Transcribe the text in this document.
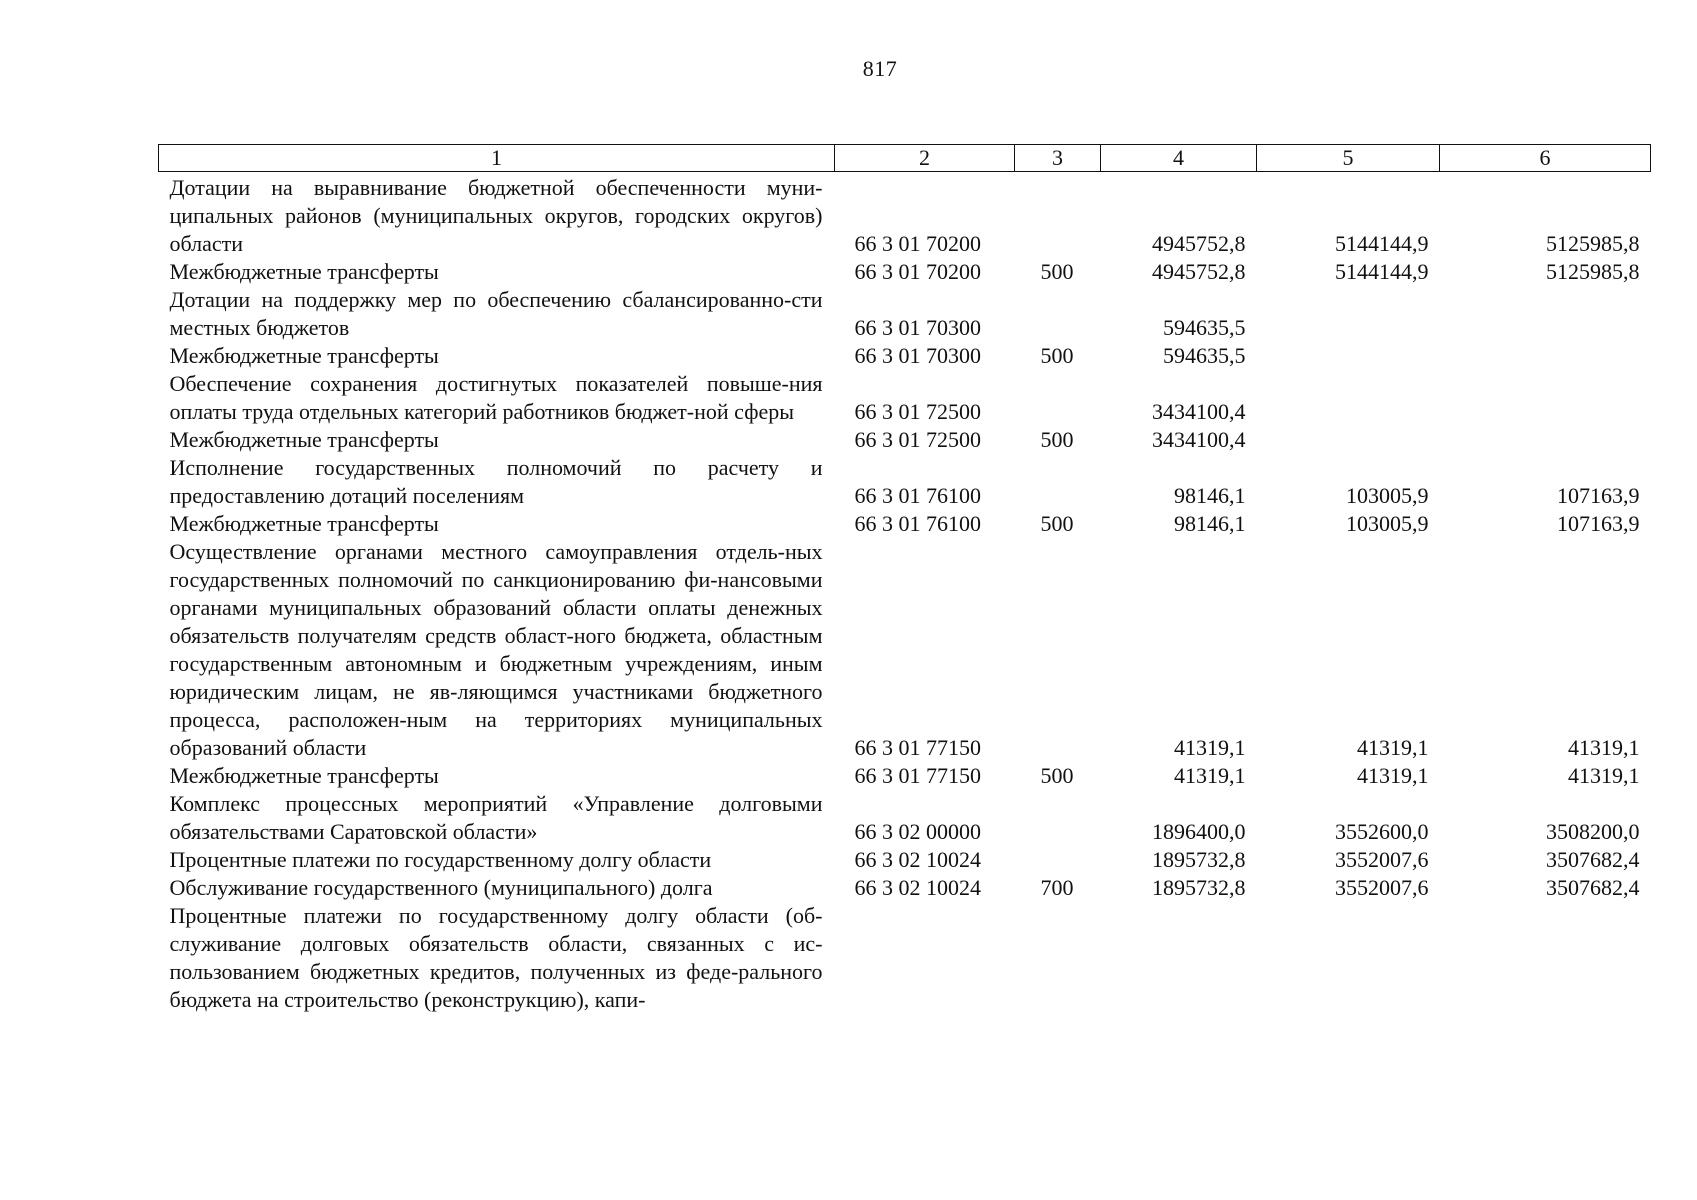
817
1	2	3	4	5	6
Дотации на выравнивание бюджетной обеспеченности муни-ципальных районов (муниципальных округов, городских округов) области	66 3 01 70200		4945752,8	5144144,9	5125985,8
Межбюджетные трансферты	66 3 01 70200	500	4945752,8	5144144,9	5125985,8
Дотации на поддержку мер по обеспечению сбалансированно-сти местных бюджетов	66 3 01 70300		594635,5		
Межбюджетные трансферты	66 3 01 70300	500	594635,5		
Обеспечение сохранения достигнутых показателей повыше-ния оплаты труда отдельных категорий работников бюджет-ной сферы	66 3 01 72500		3434100,4		
Межбюджетные трансферты	66 3 01 72500	500	3434100,4		
Исполнение государственных полномочий по расчету и предоставлению дотаций поселениям	66 3 01 76100		98146,1	103005,9	107163,9
Межбюджетные трансферты	66 3 01 76100	500	98146,1	103005,9	107163,9
Осуществление органами местного самоуправления отдель-ных государственных полномочий по санкционированию фи-нансовыми органами муниципальных образований области оплаты денежных обязательств получателям средств област-ного бюджета, областным государственным автономным и бюджетным учреждениям, иным юридическим лицам, не яв-ляющимся участниками бюджетного процесса, расположен-ным на территориях муниципальных образований области	66 3 01 77150		41319,1	41319,1	41319,1
Межбюджетные трансферты	66 3 01 77150	500	41319,1	41319,1	41319,1
Комплекс процессных мероприятий «Управление долговыми обязательствами Саратовской области»	66 3 02 00000		1896400,0	3552600,0	3508200,0
Процентные платежи по государственному долгу области	66 3 02 10024		1895732,8	3552007,6	3507682,4
Обслуживание государственного (муниципального) долга	66 3 02 10024	700	1895732,8	3552007,6	3507682,4
Процентные платежи по государственному долгу области (об-служивание долговых обязательств области, связанных с ис-пользованием бюджетных кредитов, полученных из феде-рального бюджета на строительство (реконструкцию), капи-					
